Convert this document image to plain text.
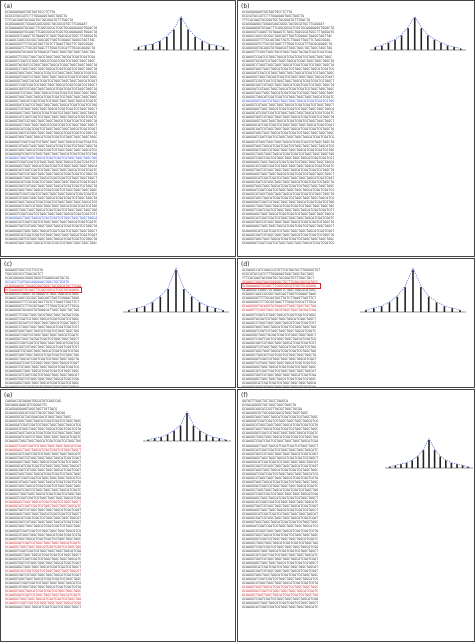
(a)
GCGAGAGAAGTGGTAGTGCCTCTTA
GCGCGTACCATCTTTGGAGAGTAGCTAGCTA
TTTCACGAGTACGGATGCTACAGATGTTTGACTA
GCAGGAAGGCTGGAGCAGCGGGCTACGGCATGCTTCAGAAT
GCGAAAAGATGCAACTTCAGCGGCATCGGTGCAGAGAGGTGGACTA
GCGAAAAGATGCAACTTCAGCGGCATCGGTGCAGAGAGGTGGACTA
GCAAGGGTCAAGTTGTAAAGTCTAGCTGACGCATGGCTTTAGGATG
GCAAGCCAGCCGCGGCTAGCAGTTAGTCGGAACTAAGGTAGTTAC
GCAAGGGGTTTTGCAGTAGTTATCTTAAGTTAGTTCTAGCGGAG
GCAAGGGGTCTTGCGGTAACTTTGGATCGCATTTGCACAGAGCTA
GCAAGGGGTACAGGTATGAACATTAGCTAGCTACTAGCTAGCTAG
GCAAGGTTCGGCTAGCTACGTAGCTAGCTACGATCGATCGATCGA
GCAAGGTCGATCGTAGCTAGCATCGATCGATCGTAGCTAGCTAGC
GCAAGGTACGATCGTAGCTAGCTAGCATCGACTAGCTAGCTAGCTA
GCAAGGCCTAGCTAGCTAGCTAGCATCGATCGATCGTAGCTAGCTA
GCAAGGTAGCTAGCTAGCATCGATCGTAGCTAGCTAGCATCGATCG
GCAAGGATCGATCGTAGCTAGCTAGCTAGCATCGATCGTAGCTAGC
GCAAGGGCTAGCTACGATCGATCGTAGCTAGCTAGCTAGCATCGAT
GCAAGGTCGATCGATCGTAGCTAGCTAGCATCGATCGATCGTAGCT
GCAAGGCGATCGTAGCTAGCTAGCATCGATCGATCGTAGCTAGCTA
GCAAGGATCGTAGCTAGCTAGCATCGATCGATCGTAGCTAGCTAGC
GCAAGGTAGCTAGCTAGCATCGATCGATCGTAGCTAGCTAGCTAGC
GCAAGGCTAGCATCGATCGATCGTAGCTAGCTAGCTAGCATCGATC
GCAAGGGATCGATCGTAGCTAGCTAGCTAGCATCGATCGATCGTAG
GCAAGGTCGTAGCTAGCTAGCTAGCATCGATCGATCGTAGCTAGCT
GCAAGGAGCTAGCTAGCATCGATCGATCGTAGCTAGCTAGCTAGCA
GCAAGGCATCGATCGATCGTAGCTAGCTAGCTAGCATCGATCGATC
GCAAGGTGATCGTAGCTAGCTAGCTAGCATCGATCGATCGTAGCTA
GCAAGGAGCTAGCTAGCTAGCATCGATCGATCGTAGCTAGCTAGCT
GCAAGGGCATCGATCGATCGTAGCTAGCTAGCTAGCATCGATCGAT
GCAAGGCGATCGTAGCTAGCTAGCTAGCATCGATCGATCGTAGCTA
GCAAGGTAGCTAGCTAGCATCGATCGATCGTAGCTAGCTAGCTAGC
GCAAGGATCGATCGATCGTAGCTAGCTAGCTAGCATCGATCGATCG
GCAAGGCGTAGCTAGCTAGCTAGCATCGATCGATCGTAGCTAGCTA
GCAAGGTAGCTAGCATCGATCGATCGTAGCTAGCTAGCTAGCATCG
GCAAGGGATCGATCGTAGCTAGCTAGCTAGCATCGATCGATCGTAG
GCAAGGCTAGCTAGCTAGCATCGATCGATCGTAGCTAGCTAGCTAG
GCAAGGTCGATCGATCGTAGCTAGCTAGCTAGCATCGATCGATCGT
GCAAGGAGCTAGCTAGCATCGATCGATCGTAGCTAGCTAGCTAGCA
GCAAGGCATCGATCGATCGTAGCTAGCTAGCTAGCATCGATCGATC
GCAAGGTGATCGTAGCTAGCTAGCTAGCATCGATCGATCGTAGCTA
GCAAGGAGCTAGCTAGCTAGCATCGATCGATCGTAGCTAGCTAGCT
GCAAGGGCATCGATCGATCGTAGCTAGCTAGCTAGCATCGATCGAT
GCAAGGCGATCGTAGCTAGCTAGCTAGCATCGATCGATCGTAGCTA
GCAAGGTAGCTAGCTAGCATCGATCGATCGTAGCTAGCTAGCTAGC
GCAAGGATCGATCGATCGTAGCTAGCTAGCTAGCATCGATCGATCG
GCAAGGCGTAGCTAGCTAGCTAGCATCGATCGATCGTAGCTAGCTA
GCAAGGTAGCTAGCATCGATCGATCGTAGCTAGCTAGCTAGCATCG
GCAAGGGATCGATCGTAGCTAGCTAGCTAGCATCGATCGATCGTAG
GCAAGGCTAGCTAGCTAGCATCGATCGATCGTAGCTAGCTAGCTAG
GCAAGGTCGATCGATCGTAGCTAGCTAGCTAGCATCGATCGATCGT
GCAAGGAGCTAGCTAGCATCGATCGATCGTAGCTAGCTAGCTAGCA
GCAAGGCATCGATCGATCGTAGCTAGCTAGCTAGCATCGATCGATC
GCAAGGTGATCGTAGCTAGCTAGCTAGCATCGATCGATCGTAGCTA
GCAAGGAGCTAGCTAGCTAGCATCGATCGATCGTAGCTAGCTAGCT
GCAAGGGCATCGATCGATCGTAGCTAGCTAGCTAGCATCGATCGAT
GCAAGGCGATCGTAGCTAGCTAGCTAGCATCGATCGATCGTAGCTA
GCAAGGTAGCTAGCTAGCATCGATCGATCGTAGCTAGCTAGCTAGC
(b)
GCGAGAGAAGTGGTAGTGCCTCTTA
GCGCGTACCATCTTTGGAGAGTAGCTAGCTA
TTTCACGAGTACGGATGCTACAGATGTTTGACTA
GCAGGAAGGCTGGAGCAGCGGGCTACGGCATGCTTCAGAAT
GCGAAAAGATGCAACTTCAGCGGCATCGGTGCAGAGAGGTGGACTA
GCAAGGGTCAAGTTGTAAAGTCTAGCTGACGCATGGCTTTAGGATG
GCAAGCCAGCCGCGGCTAGCAGTTAGTCGGAACTAAGGTAGTTAC
GCAAGGGGTTTTGCAGTAGTTATCTTAAGTTAGTTCTAGCGGAG
GCAAGGGGTCTTGCGGTAACTTTGGATCGCATTTGCACAGAGCTA
GCAAGGGGTACAGGTATGAACATTAGCTAGCTACTAGCTAGCTAG
GCAAGGTTCGGCTAGCTACGTAGCTAGCTACGATCGATCGATCGA
GCAAGGTCGATCGTAGCTAGCATCGATCGATCGTAGCTAGCTAGC
GCAAGGTACGATCGTAGCTAGCTAGCATCGACTAGCTAGCTAGCTA
GCAAGGCCTAGCTAGCTAGCTAGCATCGATCGATCGTAGCTAGCTA
GCAAGGTAGCTAGCTAGCATCGATCGTAGCTAGCTAGCATCGATCG
GCAAGGATCGATCGTAGCTAGCTAGCTAGCATCGATCGTAGCTAGC
GCAAGGGCTAGCTACGATCGATCGTAGCTAGCTAGCTAGCATCGAT
GCAAGGTCGATCGATCGTAGCTAGCTAGCATCGATCGATCGTAGCT
GCAAGGCGATCGTAGCTAGCTAGCATCGATCGATCGTAGCTAGCTA
GCAAGGATCGTAGCTAGCTAGCATCGATCGATCGTAGCTAGCTAGC
GCAAGGTAGCTAGCTAGCATCGATCGATCGTAGCTAGCTAGCTAGC
GCAAGGCTAGCATCGATCGATCGTAGCTAGCTAGCTAGCATCGATC
GCAAGGGATCGATCGTAGCTAGCTAGCTAGCATCGATCGATCGTAG
GCAAGGTCGTAGCTAGCTAGCTAGCATCGATCGATCGTAGCTAGCT
GCAAGGAGCTAGCTAGCATCGATCGATCGTAGCTAGCTAGCTAGCA
GCAAGGCATCGATCGATCGTAGCTAGCTAGCTAGCATCGATCGATC
GCAAGGTGATCGTAGCTAGCTAGCTAGCATCGATCGATCGTAGCTA
GCAAGGAGCTAGCTAGCTAGCATCGATCGATCGTAGCTAGCTAGCT
GCAAGGGCATCGATCGATCGTAGCTAGCTAGCTAGCATCGATCGAT
GCAAGGCGATCGTAGCTAGCTAGCTAGCATCGATCGATCGTAGCTA
GCAAGGTAGCTAGCTAGCATCGATCGATCGTAGCTAGCTAGCTAGC
GCAAGGATCGATCGATCGTAGCTAGCTAGCTAGCATCGATCGATCG
GCAAGGCGTAGCTAGCTAGCTAGCATCGATCGATCGTAGCTAGCTA
GCAAGGTAGCTAGCATCGATCGATCGTAGCTAGCTAGCTAGCATCG
GCAAGGGATCGATCGTAGCTAGCTAGCTAGCATCGATCGATCGTAG
GCAAGGCTAGCTAGCTAGCATCGATCGATCGTAGCTAGCTAGCTAG
GCAAGGTCGATCGATCGTAGCTAGCTAGCTAGCATCGATCGATCGT
GCAAGGAGCTAGCTAGCATCGATCGATCGTAGCTAGCTAGCTAGCA
GCAAGGCATCGATCGATCGTAGCTAGCTAGCTAGCATCGATCGATC
GCAAGGTGATCGTAGCTAGCTAGCTAGCATCGATCGATCGTAGCTA
GCAAGGAGCTAGCTAGCTAGCATCGATCGATCGTAGCTAGCTAGCT
GCAAGGGCATCGATCGATCGTAGCTAGCTAGCTAGCATCGATCGAT
GCAAGGCGATCGTAGCTAGCTAGCTAGCATCGATCGATCGTAGCTA
GCAAGGTAGCTAGCTAGCATCGATCGATCGTAGCTAGCTAGCTAGC
GCAAGGATCGATCGATCGTAGCTAGCTAGCTAGCATCGATCGATCG
GCAAGGCGTAGCTAGCTAGCTAGCATCGATCGATCGTAGCTAGCTA
GCAAGGTAGCTAGCATCGATCGATCGTAGCTAGCTAGCTAGCATCG
GCAAGGGATCGATCGTAGCTAGCTAGCTAGCATCGATCGATCGTAG
GCAAGGCTAGCTAGCTAGCATCGATCGATCGTAGCTAGCTAGCTAG
GCAAGGTCGATCGATCGTAGCTAGCTAGCTAGCATCGATCGATCGT
GCAAGGAGCTAGCTAGCATCGATCGATCGTAGCTAGCTAGCTAGCA
GCAAGGCATCGATCGATCGTAGCTAGCTAGCTAGCATCGATCGATC
GCAAGGTGATCGTAGCTAGCTAGCTAGCATCGATCGATCGTAGCTA
GCAAGGAGCTAGCTAGCTAGCATCGATCGATCGTAGCTAGCTAGCT
GCAAGGGCATCGATCGATCGTAGCTAGCTAGCTAGCATCGATCGAT
GCAAGGCGATCGTAGCTAGCTAGCTAGCATCGATCGATCGTAGCTA
GCAAGGTAGCTAGCTAGCATCGATCGATCGTAGCTAGCTAGCTAGC
GCAAGGATCGATCGATCGTAGCTAGCTAGCTAGCATCGATCGATCG
(c)
AGGAGGTGGCTCGTTCGTA
TGGCGGCGCCTGACGATCT
GCACGAGAGCGGAGTAGATCGAAGCAGTACTA
GCCACCTCATGACAGAGAACTAGCTGCTCATG
GCAGGAAGGCTGGAGCAGCGGGCTACGGCATGCTTCAG
GCGAAAAGATGCAACTTCAGCGGCATCGGTGCAGAGA
GCAAGGGTCAAGTTGTAAAGTCTAGCTGACGCATGGC
GCAAGCCAGCCGCGGCTAGCAGTTAGTCGGAACTAAG
GCAAGGGGTTTTGCAGTAGTTATCTTAAGTTAGTTCT
GCAAGGGGTCTTGCGGTAACTTTGGATCGCATTTGCA
GCAAGGGGTACAGGTATGAACATTAGCTAGCTACTAG
GCAAGGTTCGGCTAGCTACGTAGCTAGCTACGATCGA
GCAAGGTCGATCGTAGCTAGCATCGATCGATCGTAGC
GCAAGGTACGATCGTAGCTAGCTAGCATCGACTAGCT
GCAAGGCCTAGCTAGCTAGCTAGCATCGATCGATCGT
GCAAGGTAGCTAGCTAGCATCGATCGTAGCTAGCTAG
GCAAGGATCGATCGTAGCTAGCTAGCTAGCATCGATC
GCAAGGGCTAGCTACGATCGATCGTAGCTAGCTAGCT
GCAAGGTCGATCGATCGTAGCTAGCTAGCATCGATCG
GCAAGGCGATCGTAGCTAGCTAGCATCGATCGATCGT
GCAAGGATCGTAGCTAGCTAGCATCGATCGATCGTAG
GCAAGGTAGCTAGCTAGCATCGATCGATCGTAGCTAG
GCAAGGCTAGCATCGATCGATCGTAGCTAGCTAGCTA
GCAAGGGATCGATCGTAGCTAGCTAGCTAGCATCGAT
GCAAGGTCGTAGCTAGCTAGCTAGCATCGATCGATCG
GCAAGGAGCTAGCTAGCATCGATCGATCGTAGCTAGC
GCAAGGCATCGATCGATCGTAGCTAGCTAGCTAGCAT
GCAAGGTGATCGTAGCTAGCTAGCTAGCATCGATCGA
GCAAGGAGCTAGCTAGCTAGCATCGATCGATCGTAGC
GCAAGGGCATCGATCGATCGTAGCTAGCTAGCTAGCA
(d)
GCGAGGCCATCGAGCCGTGTTCGTAGTACTTGGAGGTGT
GCGCGTACCATCTTTGGAGAGTAGCTAGCTACTAGC
TTTCACGAGTACGGATGCTACAGATGTTTGACTACT
GCAAGCCGAGTGACGGGGGCTGCTTCGACGGCCATGCC
GCGAAAAGATGCAACTTCAGCGGCATCGGTGCAGAGA
GCAAGGGTCAAGTTGTAAAGTCTAGCTGACGCATGGC
GCAAGCCAGCCGCGGCTAGCAGTTAGTCGGAACTAAG
GCAAGGGGTTTTGCAGTAGTTATCTTAAGTTAGTTCT
GCAAGGGGTCTTGCGGTAACTTTGGATCGCATTTGCA
GCAAGGGGTACAGGTATGAACATTAGCTAGCTACTAG
GCAAGGTTCGGCTAGCTACGTAGCTAGCTACGATCGA
GCAAGGTCGATCGTAGCTAGCATCGATCGATCGTAGC
GCAAGGTACGATCGTAGCTAGCTAGCATCGACTAGCT
GCAAGGCCTAGCTAGCTAGCTAGCATCGATCGATCGT
GCAAGGTAGCTAGCTAGCATCGATCGTAGCTAGCTAG
GCAAGGATCGATCGTAGCTAGCTAGCTAGCATCGATC
GCAAGGGCTAGCTACGATCGATCGTAGCTAGCTAGCT
GCAAGGTCGATCGATCGTAGCTAGCTAGCATCGATCG
GCAAGGCGATCGTAGCTAGCTAGCATCGATCGATCGT
GCAAGGATCGTAGCTAGCTAGCATCGATCGATCGTAG
GCAAGGTAGCTAGCTAGCATCGATCGATCGTAGCTAG
GCAAGGCTAGCATCGATCGATCGTAGCTAGCTAGCTA
GCAAGGGATCGATCGTAGCTAGCTAGCTAGCATCGAT
GCAAGGTCGTAGCTAGCTAGCTAGCATCGATCGATCG
GCAAGGAGCTAGCTAGCATCGATCGATCGTAGCTAGC
GCAAGGCATCGATCGATCGTAGCTAGCTAGCTAGCAT
GCAAGGTGATCGTAGCTAGCTAGCTAGCATCGATCGA
GCAAGGAGCTAGCTAGCTAGCATCGATCGATCGTAGC
GCAAGGGCATCGATCGATCGTAGCTAGCTAGCTAGCA
GCAAGGCGATCGTAGCTAGCTAGCTAGCATCGATCGA
(e)
CAAGACCATAGAATGGCATATCAGCCAG
GGCAAGCAAACGTCGGGATTC
GCAGGAGGAAGTAGGTAGTTATTACG
GCAAGGCAGCATCGGTTACGCTAGCTACGA
GCAAGGGCGCTACGGACGACGTAGCTAGCTAGC
GCAAGGTAGCTAGCTAGCATCGATCGATCGTAGCTAGC
GCAAGGATCGATCGATCGTAGCTAGCTAGCTAGCATCG
GCAAGGCGTAGCTAGCTAGCTAGCATCGATCGATCGTA
GCAAGGTAGCTAGCATCGATCGATCGTAGCTAGCTAGC
GCAAGGGATCGATCGTAGCTAGCTAGCTAGCATCGATC
GCAAGGCTAGCTAGCTAGCATCGATCGATCGTAGCTAG
GCAAGGTCGATCGATCGTAGCTAGCTAGCTAGCATCGA
GCAAGGAGCTAGCTAGCATCGATCGATCGTAGCTAGCT
GCAAGGCATCGATCGATCGTAGCTAGCTAGCTAGCATC
GCAAGGTGATCGTAGCTAGCTAGCTAGCATCGATCGAT
GCAAGGAGCTAGCTAGCTAGCATCGATCGATCGTAGCT
GCAAGGGCATCGATCGATCGTAGCTAGCTAGCTAGCAT
GCAAGGCGATCGTAGCTAGCTAGCTAGCATCGATCGAT
GCAAGGTAGCTAGCTAGCATCGATCGATCGTAGCTAGC
GCAAGGATCGATCGATCGTAGCTAGCTAGCTAGCATCG
GCAAGGCGTAGCTAGCTAGCTAGCATCGATCGATCGTA
GCAAGGTAGCTAGCATCGATCGATCGTAGCTAGCTAGC
GCAAGGGATCGATCGTAGCTAGCTAGCTAGCATCGATC
GCAAGGCTAGCTAGCTAGCATCGATCGATCGTAGCTAG
GCAAGGTCGATCGATCGTAGCTAGCTAGCTAGCATCGA
GCAAGGAGCTAGCTAGCATCGATCGATCGTAGCTAGCT
GCAAGGCATCGATCGATCGTAGCTAGCTAGCTAGCATC
GCAAGGTGATCGTAGCTAGCTAGCTAGCATCGATCGAT
GCAAGGAGCTAGCTAGCTAGCATCGATCGATCGTAGCT
GCAAGGGCATCGATCGATCGTAGCTAGCTAGCTAGCAT
GCAAGGCGATCGTAGCTAGCTAGCTAGCATCGATCGAT
GCAAGGTAGCTAGCTAGCATCGATCGATCGTAGCTAGC
GCAAGGATCGATCGATCGTAGCTAGCTAGCTAGCATCG
GCAAGGCGTAGCTAGCTAGCTAGCATCGATCGATCGTA
GCAAGGTAGCTAGCATCGATCGATCGTAGCTAGCTAGC
GCAAGGGATCGATCGTAGCTAGCTAGCTAGCATCGATC
GCAAGGCTAGCTAGCTAGCATCGATCGATCGTAGCTAG
GCAAGGTCGATCGATCGTAGCTAGCTAGCTAGCATCGA
GCAAGGAGCTAGCTAGCATCGATCGATCGTAGCTAGCT
GCAAGGCATCGATCGATCGTAGCTAGCTAGCTAGCATC
GCAAGGTGATCGTAGCTAGCTAGCTAGCATCGATCGAT
GCAAGGAGCTAGCTAGCTAGCATCGATCGATCGTAGCT
GCAAGGGCATCGATCGATCGTAGCTAGCTAGCTAGCAT
GCAAGGCGATCGTAGCTAGCTAGCTAGCATCGATCGAT
GCAAGGTAGCTAGCTAGCATCGATCGATCGTAGCTAGC
GCAAGGATCGATCGATCGTAGCTAGCTAGCTAGCATCG
GCAAGGCGTAGCTAGCTAGCTAGCATCGATCGATCGTA
GCAAGGTAGCTAGCATCGATCGATCGTAGCTAGCTAGC
GCAAGGGATCGATCGTAGCTAGCTAGCTAGCATCGATC
GCAAGGCTAGCTAGCTAGCATCGATCGATCGTAGCTAG
GCAAGGTCGATCGATCGTAGCTAGCTAGCTAGCATCGA
GCAAGGAGCTAGCTAGCATCGATCGATCGTAGCTAGCT
(f)
GATATTTGACTGCTACCTAAGCA
GCGACAGGGCTACTAGCTAGCTAGCTA
GCAAGGCAGCATCGGTTACGCTAGCTACGA
GCAAGGGCGCTACGGACGACGTAGCTAGCTAGC
GCAAGGTAGCTAGCTAGCATCGATCGATCGTAGCTAGC
GCAAGGATCGATCGATCGTAGCTAGCTAGCTAGCATCG
GCAAGGCGTAGCTAGCTAGCTAGCATCGATCGATCGTA
GCAAGGTAGCTAGCATCGATCGATCGTAGCTAGCTAGC
GCAAGGGATCGATCGTAGCTAGCTAGCTAGCATCGATC
GCAAGGCTAGCTAGCTAGCATCGATCGATCGTAGCTAG
GCAAGGTCGATCGATCGTAGCTAGCTAGCTAGCATCGA
GCAAGGAGCTAGCTAGCATCGATCGATCGTAGCTAGCT
GCAAGGCATCGATCGATCGTAGCTAGCTAGCTAGCATC
GCAAGGTGATCGTAGCTAGCTAGCTAGCATCGATCGAT
GCAAGGAGCTAGCTAGCTAGCATCGATCGATCGTAGCT
GCAAGGGCATCGATCGATCGTAGCTAGCTAGCTAGCAT
GCAAGGCGATCGTAGCTAGCTAGCTAGCATCGATCGAT
GCAAGGTAGCTAGCTAGCATCGATCGATCGTAGCTAGC
GCAAGGATCGATCGATCGTAGCTAGCTAGCTAGCATCG
GCAAGGCGTAGCTAGCTAGCTAGCATCGATCGATCGTA
GCAAGGTAGCTAGCATCGATCGATCGTAGCTAGCTAGC
GCAAGGGATCGATCGTAGCTAGCTAGCTAGCATCGATC
GCAAGGCTAGCTAGCTAGCATCGATCGATCGTAGCTAG
GCAAGGTCGATCGATCGTAGCTAGCTAGCTAGCATCGA
GCAAGGAGCTAGCTAGCATCGATCGATCGTAGCTAGCT
GCAAGGCATCGATCGATCGTAGCTAGCTAGCTAGCATC
GCAAGGTGATCGTAGCTAGCTAGCTAGCATCGATCGAT
GCAAGGAGCTAGCTAGCTAGCATCGATCGATCGTAGCT
GCAAGGGCATCGATCGATCGTAGCTAGCTAGCTAGCAT
GCAAGGCGATCGTAGCTAGCTAGCTAGCATCGATCGAT
GCAAGGTAGCTAGCTAGCATCGATCGATCGTAGCTAGC
GCAAGGATCGATCGATCGTAGCTAGCTAGCTAGCATCG
GCAAGGCGTAGCTAGCTAGCTAGCATCGATCGATCGTA
GCAAGGTAGCTAGCATCGATCGATCGTAGCTAGCTAGC
GCAAGGGATCGATCGTAGCTAGCTAGCTAGCATCGATC
GCAAGGCTAGCTAGCTAGCATCGATCGATCGTAGCTAG
GCAAGGTCGATCGATCGTAGCTAGCTAGCTAGCATCGA
GCAAGGAGCTAGCTAGCATCGATCGATCGTAGCTAGCT
GCAAGGCATCGATCGATCGTAGCTAGCTAGCTAGCATC
GCAAGGTGATCGTAGCTAGCTAGCTAGCATCGATCGAT
GCAAGGAGCTAGCTAGCTAGCATCGATCGATCGTAGCT
GCAAGGGCATCGATCGATCGTAGCTAGCTAGCTAGCAT
GCAAGGCGATCGTAGCTAGCTAGCTAGCATCGATCGAT
GCAAGGTAGCTAGCTAGCATCGATCGATCGTAGCTAGC
GCAAGGATCGATCGATCGTAGCTAGCTAGCTAGCATCG
GCAAGGCGTAGCTAGCTAGCTAGCATCGATCGATCGTA
GCAAGGTAGCTAGCATCGATCGATCGTAGCTAGCTAGC
GCAAGGGATCGATCGTAGCTAGCTAGCTAGCATCGATC
GCAAGGCTAGCTAGCTAGCATCGATCGATCGTAGCTAG
GCAAGGTCGATCGATCGTAGCTAGCTAGCTAGCATCGA
GCAAGGAGCTAGCTAGCATCGATCGATCGTAGCTAGCT
GCAAGGCATCGATCGATCGTAGCTAGCTAGCTAGCATC
